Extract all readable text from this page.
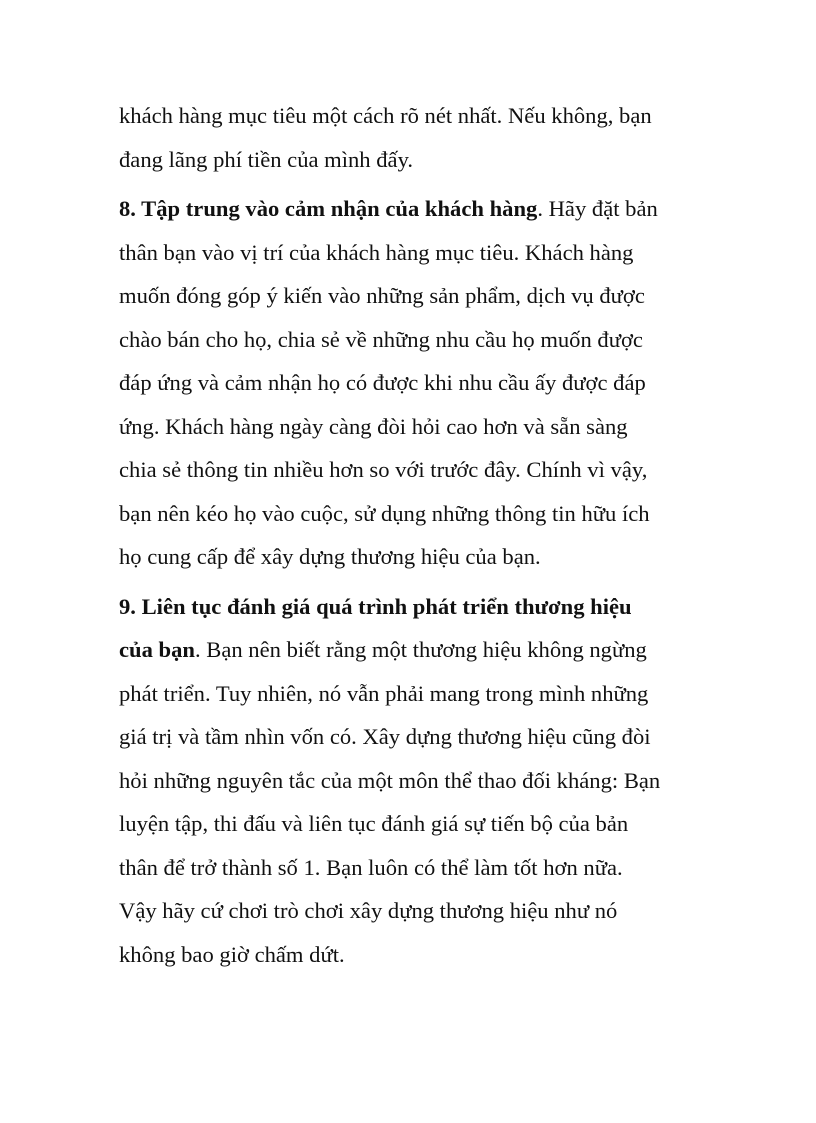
khách hàng mục tiêu một cách rõ nét nhất. Nếu không, bạn
đang lãng phí tiền của mình đấy.
8. Tập trung vào cảm nhận của khách hàng. Hãy đặt bản
thân bạn vào vị trí của khách hàng mục tiêu. Khách hàng
muốn đóng góp ý kiến vào những sản phẩm, dịch vụ được
chào bán cho họ, chia sẻ về những nhu cầu họ muốn được
đáp ứng và cảm nhận họ có được khi nhu cầu ấy được đáp
ứng. Khách hàng ngày càng đòi hỏi cao hơn và sẵn sàng
chia sẻ thông tin nhiều hơn so với trước đây. Chính vì vậy,
bạn nên kéo họ vào cuộc, sử dụng những thông tin hữu ích
họ cung cấp để xây dựng thương hiệu của bạn.
9. Liên tục đánh giá quá trình phát triển thương hiệu
của bạn. Bạn nên biết rằng một thương hiệu không ngừng
phát triển. Tuy nhiên, nó vẫn phải mang trong mình những
giá trị và tầm nhìn vốn có. Xây dựng thương hiệu cũng đòi
hỏi những nguyên tắc của một môn thể thao đối kháng: Bạn
luyện tập, thi đấu và liên tục đánh giá sự tiến bộ của bản
thân để trở thành số 1. Bạn luôn có thể làm tốt hơn nữa.
Vậy hãy cứ chơi trò chơi xây dựng thương hiệu như nó
không bao giờ chấm dứt.
